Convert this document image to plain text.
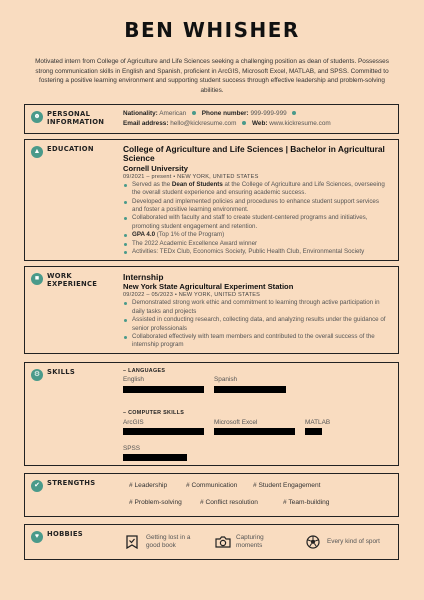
BEN WHISHER
Motivated intern from College of Agriculture and Life Sciences seeking a challenging position as dean of students. Possesses strong communication skills in English and Spanish, proficient in ArcGIS, Microsoft Excel, MATLAB, and SPSS. Committed to fostering a positive learning environment and supporting student success through effective leadership and problem-solving abilities.
☻ PERSONAL INFORMATION
Nationality: American Phone number: 999-999-999
Email address: hello@kickresume.com Web: www.kickresume.com
▲ EDUCATION	College of Agriculture and Life Sciences | Bachelor in Agricultural Science
Cornell University
09/2021 – present • NEW YORK, UNITED STATES
Served as the Dean of Students at the College of Agriculture and Life Sciences, overseeing the overall student experience and ensuring academic success.
Developed and implemented policies and procedures to enhance student support services and foster a positive learning environment.
Collaborated with faculty and staff to create student-centered programs and initiatives, promoting student engagement and retention.
GPA 4.0 (Top 1% of the Program)
The 2022 Academic Excellence Award winner
Activities: TEDx Club, Economics Society, Public Health Club, Environmental Society
■	WORK EXPERIENCE
Internship
New York State Agricultural Experiment Station
09/2022 – 05/2023 • NEW YORK, UNITED STATES
Demonstrated strong work ethic and commitment to learning through active participation in daily tasks and projects
Assisted in conducting research, collecting data, and analyzing results under the guidance of senior professionals
Collaborated effectively with team members and contributed to the overall success of the internship program
⚙	SKILLS	– LANGUAGES
English	Spanish
– COMPUTER SKILLS
ArcGIS	Microsoft Excel	MATLAB
SPSS
✔	STRENGTHS	# Leadership	# Communication # Student Engagement
# Problem-solving	# Conflict resolution	# Team-building
♥	HOBBIES	Getting lost in a good book
Capturing moments
Every kind of sport
